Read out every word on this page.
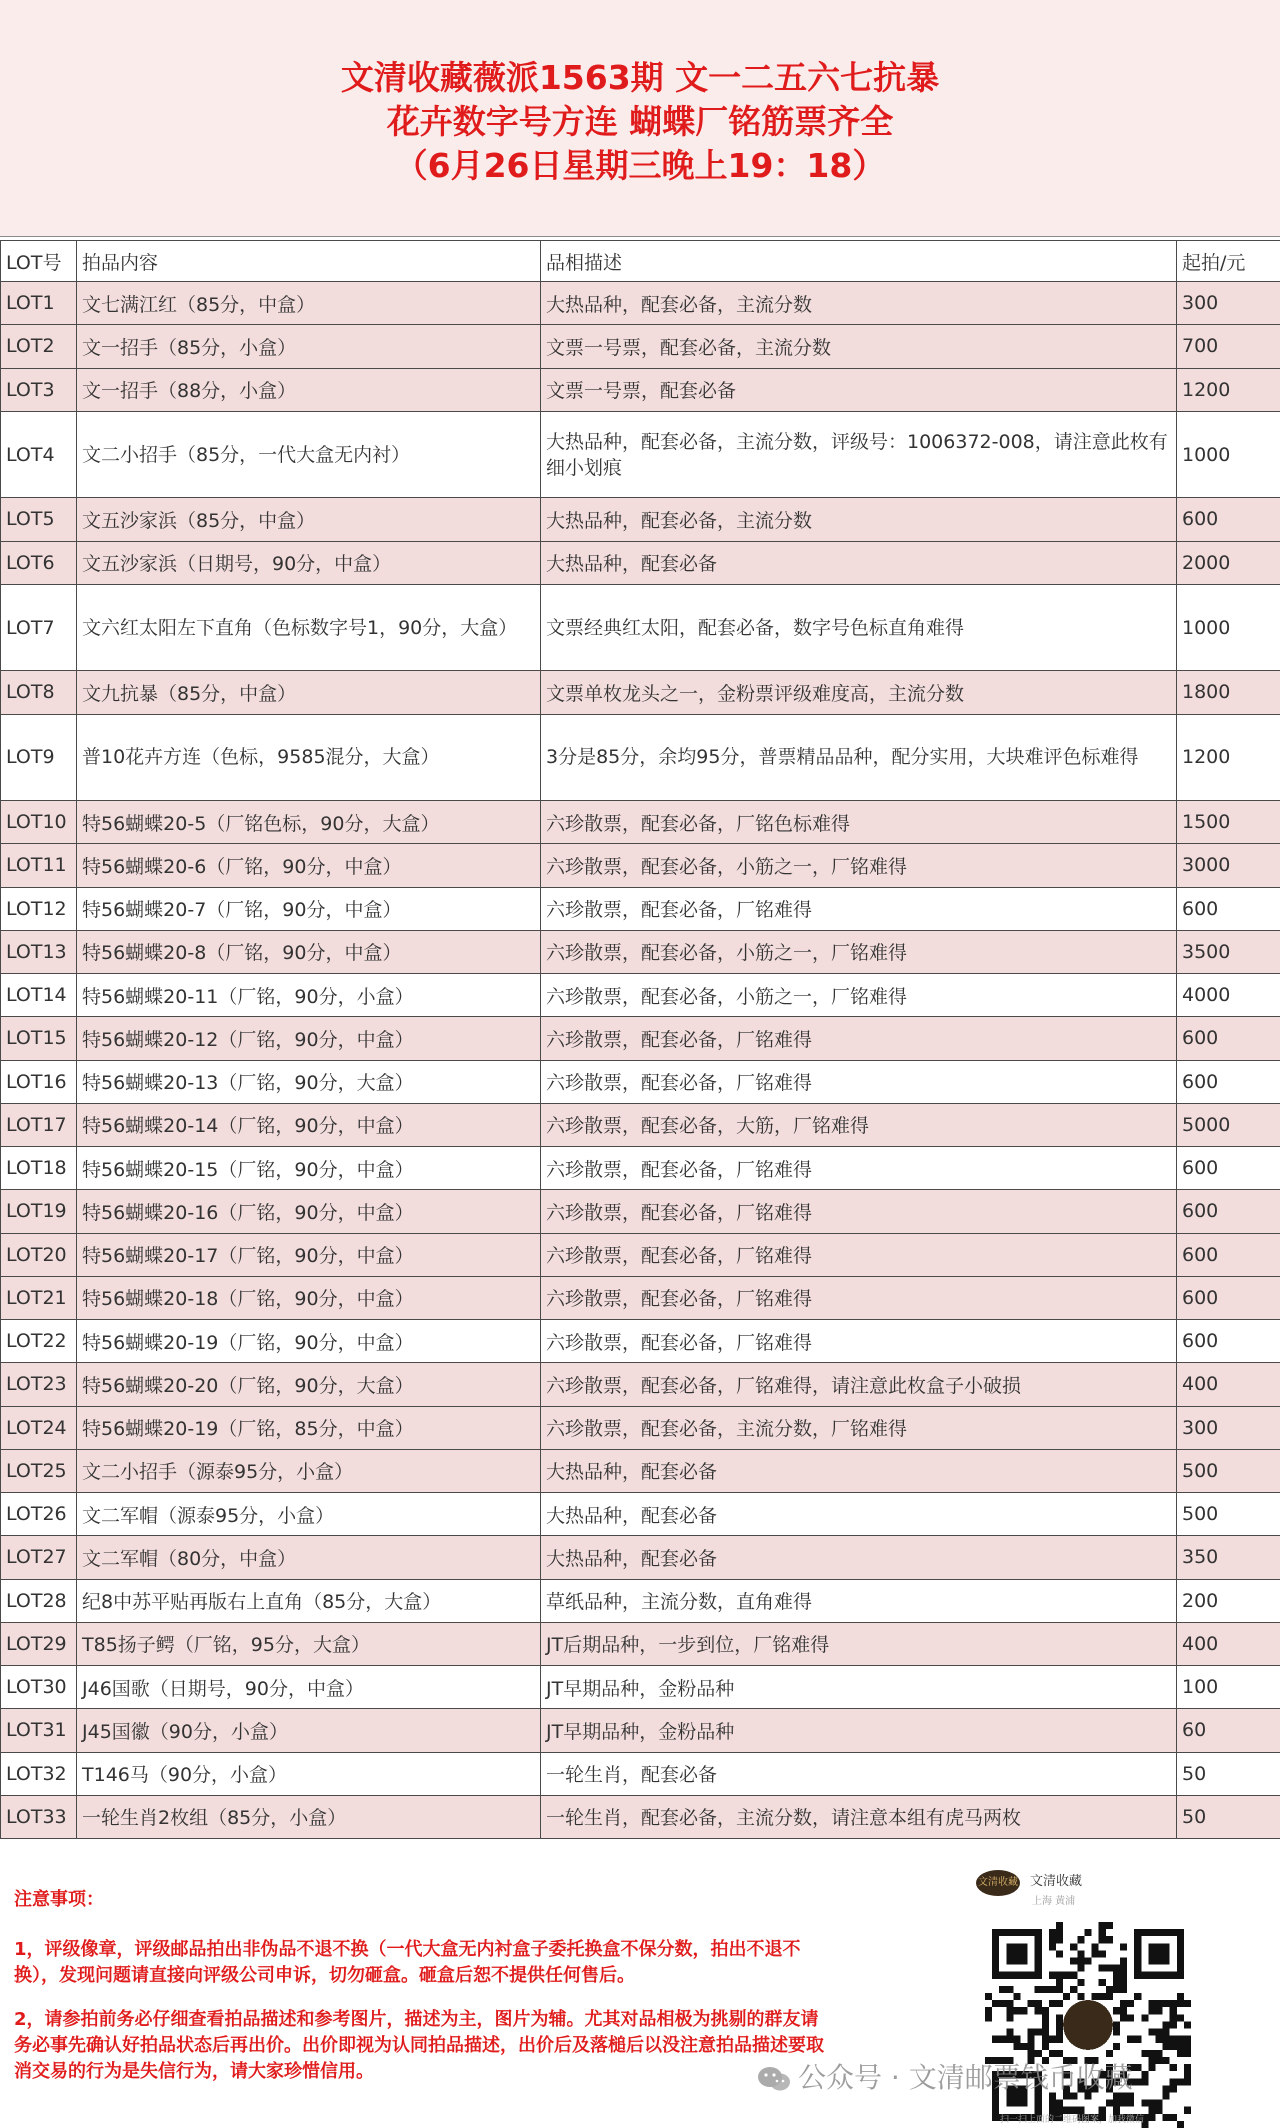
文清收藏薇派1563期 文一二五六七抗暴
花卉数字号方连 蝴蝶厂铭筋票齐全
（6月26日星期三晚上19：18）
LOT号	拍品内容	品相描述	起拍/元
LOT1	文七满江红（85分，中盒）	大热品种，配套必备，主流分数	300
LOT2	文一招手（85分，小盒）	文票一号票，配套必备，主流分数	700
LOT3	文一招手（88分，小盒）	文票一号票，配套必备	1200
LOT4	文二小招手（85分，一代大盒无内衬）	大热品种，配套必备，主流分数，评级号：1006372-008，请注意此枚有细小划痕	1000
LOT5	文五沙家浜（85分，中盒）	大热品种，配套必备，主流分数	600
LOT6	文五沙家浜（日期号，90分，中盒）	大热品种，配套必备	2000
LOT7	文六红太阳左下直角（色标数字号1，90分，大盒）	文票经典红太阳，配套必备，数字号色标直角难得	1000
LOT8	文九抗暴（85分，中盒）	文票单枚龙头之一，金粉票评级难度高，主流分数	1800
LOT9	普10花卉方连（色标，9585混分，大盒）	3分是85分，余均95分，普票精品品种，配分实用，大块难评色标难得	1200
LOT10	特56蝴蝶20-5（厂铭色标，90分，大盒）	六珍散票，配套必备，厂铭色标难得	1500
LOT11	特56蝴蝶20-6（厂铭，90分，中盒）	六珍散票，配套必备，小筋之一，厂铭难得	3000
LOT12	特56蝴蝶20-7（厂铭，90分，中盒）	六珍散票，配套必备，厂铭难得	600
LOT13	特56蝴蝶20-8（厂铭，90分，中盒）	六珍散票，配套必备，小筋之一，厂铭难得	3500
LOT14	特56蝴蝶20-11（厂铭，90分，小盒）	六珍散票，配套必备，小筋之一，厂铭难得	4000
LOT15	特56蝴蝶20-12（厂铭，90分，中盒）	六珍散票，配套必备，厂铭难得	600
LOT16	特56蝴蝶20-13（厂铭，90分，大盒）	六珍散票，配套必备，厂铭难得	600
LOT17	特56蝴蝶20-14（厂铭，90分，中盒）	六珍散票，配套必备，大筋，厂铭难得	5000
LOT18	特56蝴蝶20-15（厂铭，90分，中盒）	六珍散票，配套必备，厂铭难得	600
LOT19	特56蝴蝶20-16（厂铭，90分，中盒）	六珍散票，配套必备，厂铭难得	600
LOT20	特56蝴蝶20-17（厂铭，90分，中盒）	六珍散票，配套必备，厂铭难得	600
LOT21	特56蝴蝶20-18（厂铭，90分，中盒）	六珍散票，配套必备，厂铭难得	600
LOT22	特56蝴蝶20-19（厂铭，90分，中盒）	六珍散票，配套必备，厂铭难得	600
LOT23	特56蝴蝶20-20（厂铭，90分，大盒）	六珍散票，配套必备，厂铭难得，请注意此枚盒子小破损	400
LOT24	特56蝴蝶20-19（厂铭，85分，中盒）	六珍散票，配套必备，主流分数，厂铭难得	300
LOT25	文二小招手（源泰95分，小盒）	大热品种，配套必备	500
LOT26	文二军帽（源泰95分，小盒）	大热品种，配套必备	500
LOT27	文二军帽（80分，中盒）	大热品种，配套必备	350
LOT28	纪8中苏平贴再版右上直角（85分，大盒）	草纸品种，主流分数，直角难得	200
LOT29	T85扬子鳄（厂铭，95分，大盒）	JT后期品种，一步到位，厂铭难得	400
LOT30	J46国歌（日期号，90分，中盒）	JT早期品种，金粉品种	100
LOT31	J45国徽（90分，小盒）	JT早期品种，金粉品种	60
LOT32	T146马（90分，小盒）	一轮生肖，配套必备	50
LOT33	一轮生肖2枚组（85分，小盒）	一轮生肖，配套必备，主流分数，请注意本组有虎马两枚	50
注意事项：
1，评级像章，评级邮品拍出非伪品不退不换（一代大盒无内衬盒子委托换盒不保分数，拍出不退不换），发现问题请直接向评级公司申诉，切勿砸盒。砸盒后恕不提供任何售后。
2，请参拍前务必仔细查看拍品描述和参考图片，描述为主，图片为辅。尤其对品相极为挑剔的群友请务必事先确认好拍品状态后再出价。出价即视为认同拍品描述，出价后及落槌后以没注意拍品描述要取消交易的行为是失信行为，请大家珍惜信用。
文清收藏 文清收藏
上海 黄浦
扫一扫上面的二维码图案，加我微信
公众号 · 文清邮票钱币收藏
